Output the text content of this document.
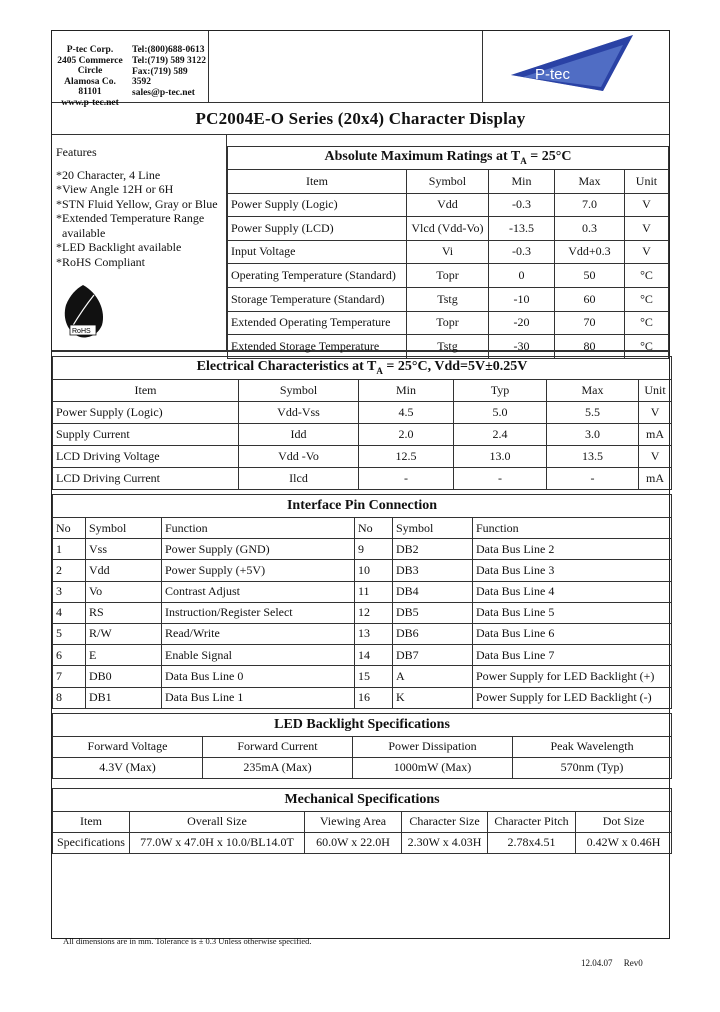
P-tec Corp.
2405 Commerce Circle
Alamosa Co. 81101
www.p-tec.net
Tel:(800)688-0613
Tel:(719) 589 3122
Fax:(719) 589 3592
sales@p-tec.net
P-tec
PC2004E-O Series (20x4) Character Display
Features
*20 Character, 4 Line
*View Angle 12H or 6H
*STN Fluid Yellow, Gray or Blue
*Extended Temperature Range
available
*LED Backlight available
*RoHS Compliant
RoHS
Absolute Maximum Ratings at $T_A = 25^\circ C$				
Item	Symbol	Min	Max	Unit
Power Supply (Logic)	Vdd	-0.3	7.0	V
Power Supply (LCD)	Vlcd (Vdd-Vo)	-13.5	0.3	V
Input Voltage	Vi	-0.3	Vdd+0.3	V
Operating Temperature (Standard)	Topr	0	50	°C
Storage Temperature (Standard)	Tstg	-10	60	°C
Extended Operating Temperature	Topr	-20	70	°C
Extended Storage Temperature	Tstg	-30	80	°C
Electrical Characteristics at $T_A = 25^\circ C$, Vdd=5V±0.25V					
Item	Symbol	Min	Typ	Max	Unit
Power Supply (Logic)	Vdd-Vss	4.5	5.0	5.5	V
Supply Current	Idd	2.0	2.4	3.0	mA
LCD Driving Voltage	Vdd -Vo	12.5	13.0	13.5	V
LCD Driving Current	Ilcd	-	-	-	mA
Interface Pin Connection					
No	Symbol	Function	No	Symbol	Function
1	Vss	Power Supply (GND)	9	DB2	Data Bus Line 2
2	Vdd	Power Supply (+5V)	10	DB3	Data Bus Line 3
3	Vo	Contrast Adjust	11	DB4	Data Bus Line 4
4	RS	Instruction/Register Select	12	DB5	Data Bus Line 5
5	R/W	Read/Write	13	DB6	Data Bus Line 6
6	E	Enable Signal	14	DB7	Data Bus Line 7
7	DB0	Data Bus Line 0	15	A	Power Supply for LED Backlight (+)
8	DB1	Data Bus Line 1	16	K	Power Supply for LED Backlight (-)
LED Backlight Specifications			
Forward Voltage	Forward Current	Power Dissipation	Peak Wavelength
4.3V (Max)	235mA (Max)	1000mW (Max)	570nm (Typ)
Mechanical Specifications					
Item	Overall Size	Viewing Area	Character Size	Character Pitch	Dot Size
Specifications	77.0W x 47.0H x 10.0/BL14.0T	60.0W x 22.0H	2.30W x 4.03H	2.78x4.51	0.42W x 0.46H
All dimensions are in mm. Tolerance is ± 0.3 Unless otherwise specified.
12.04.07 Rev0
